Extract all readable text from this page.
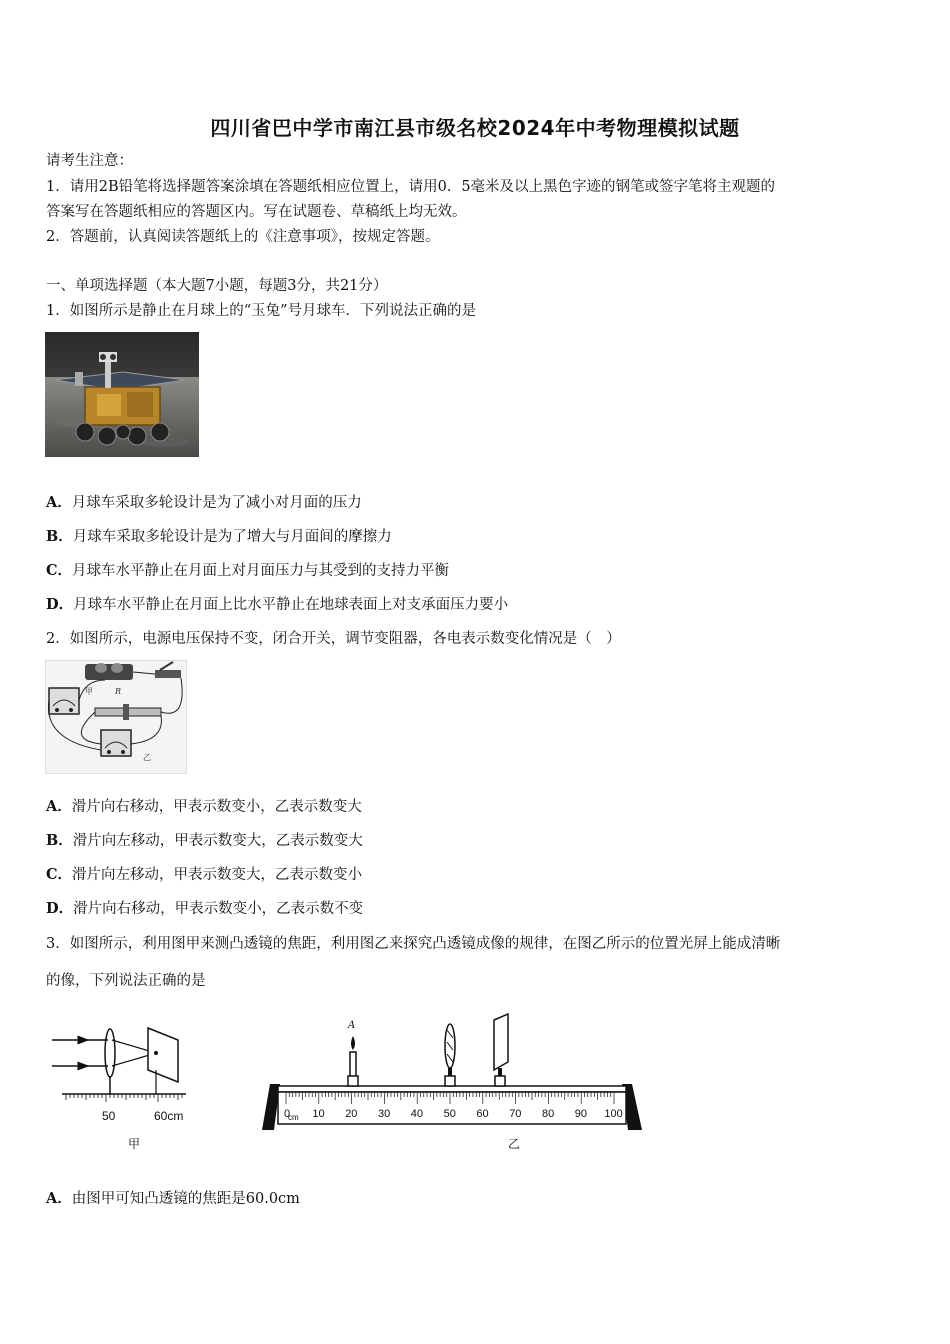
四川省巴中学市南江县市级名校2024年中考物理模拟试题
请考生注意：
1．请用2B铅笔将选择题答案涂填在答题纸相应位置上，请用0．5毫米及以上黑色字迹的钢笔或签字笔将主观题的
答案写在答题纸相应的答题区内。写在试题卷、草稿纸上均无效。
2．答题前，认真阅读答题纸上的《注意事项》，按规定答题。
一、单项选择题（本大题7小题，每题3分，共21分）
1．如图所示是静止在月球上的“玉兔”号月球车．下列说法正确的是
A．月球车采取多轮设计是为了减小对月面的压力
B．月球车采取多轮设计是为了增大与月面间的摩擦力
C．月球车水平静止在月面上对月面压力与其受到的支持力平衡
D．月球车水平静止在月面上比水平静止在地球表面上对支承面压力要小
2．如图所示，电源电压保持不变，闭合开关，调节变阻器，各电表示数变化情况是（　）
甲	R
乙
A．滑片向右移动，甲表示数变小，乙表示数变大
B．滑片向左移动，甲表示数变大，乙表示数变大
C．滑片向左移动，甲表示数变大，乙表示数变小
D．滑片向右移动，甲表示数变小，乙表示数不变
3．如图所示，利用图甲来测凸透镜的焦距，利用图乙来探究凸透镜成像的规律，在图乙所示的位置光屏上能成清晰
的像，下列说法正确的是
50	60cm
甲
cm
0 10 20 30 40 50 60 70 80 90 100
A
乙
A．由图甲可知凸透镜的焦距是60.0cm
